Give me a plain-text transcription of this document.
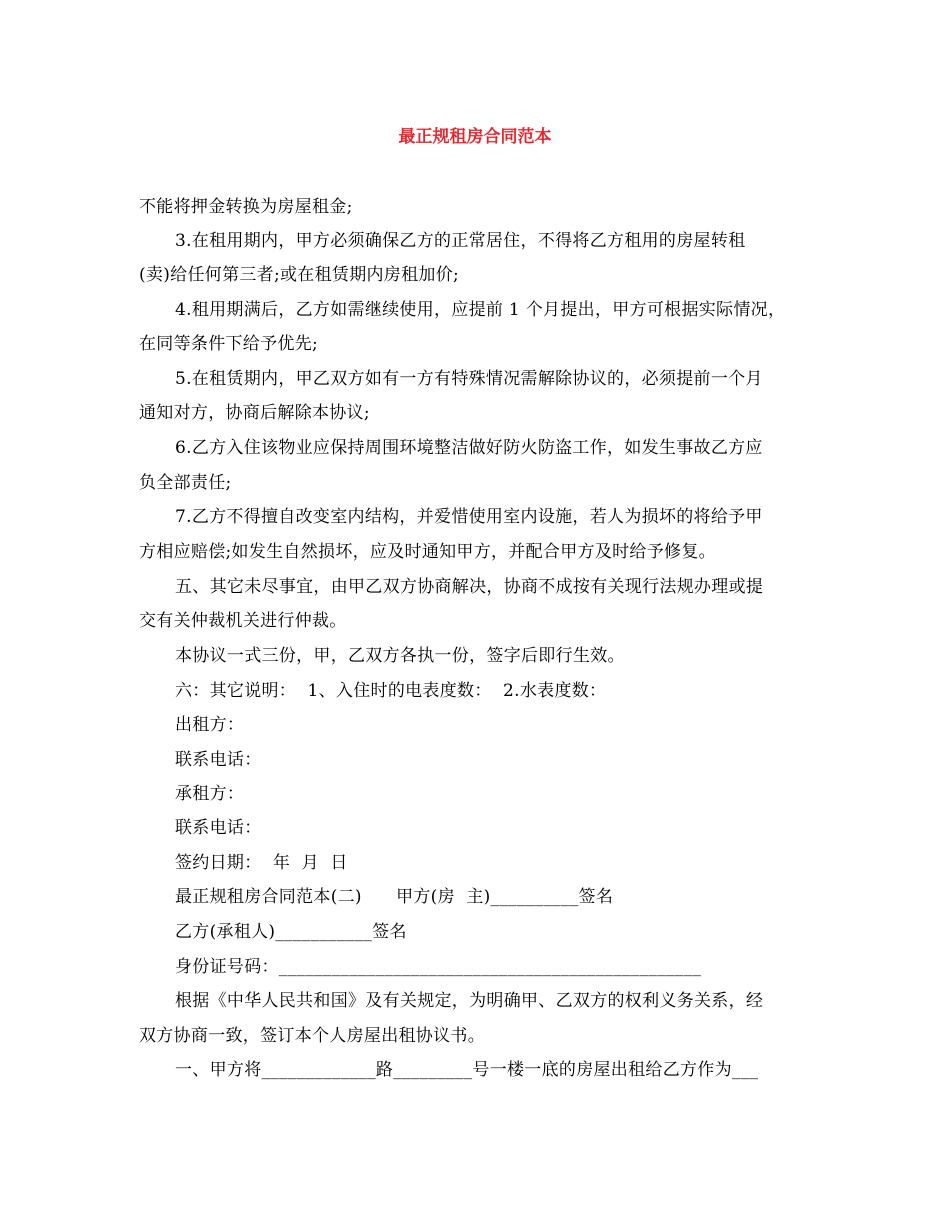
最正规租房合同范本
不能将押金转换为房屋租金;
3.在租用期内，甲方必须确保乙方的正常居住，不得将乙方租用的房屋转租
(卖)给任何第三者;或在租赁期内房租加价;
4.租用期满后，乙方如需继续使用，应提前 1 个月提出，甲方可根据实际情况，
在同等条件下给予优先;
5.在租赁期内，甲乙双方如有一方有特殊情况需解除协议的，必须提前一个月
通知对方，协商后解除本协议;
6.乙方入住该物业应保持周围环境整洁做好防火防盗工作，如发生事故乙方应
负全部责任;
7.乙方不得擅自改变室内结构，并爱惜使用室内设施，若人为损坏的将给予甲
方相应赔偿;如发生自然损坏，应及时通知甲方，并配合甲方及时给予修复。
五、其它未尽事宜，由甲乙双方协商解决，协商不成按有关现行法规办理或提
交有关仲裁机关进行仲裁。
本协议一式三份，甲，乙双方各执一份，签字后即行生效。
六：其它说明：  1、入住时的电表度数：  2.水表度数：
出租方：
联系电话：
承租方：
联系电话：
签约日期：  年  月  日
最正规租房合同范本(二)      甲方(房  主)__________签名
乙方(承租人)___________签名
身份证号码：________________________________________________
根据《中华人民共和国》及有关规定，为明确甲、乙双方的权利义务关系，经
双方协商一致，签订本个人房屋出租协议书。
一、甲方将_____________路_________号一楼一底的房屋出租给乙方作为___
